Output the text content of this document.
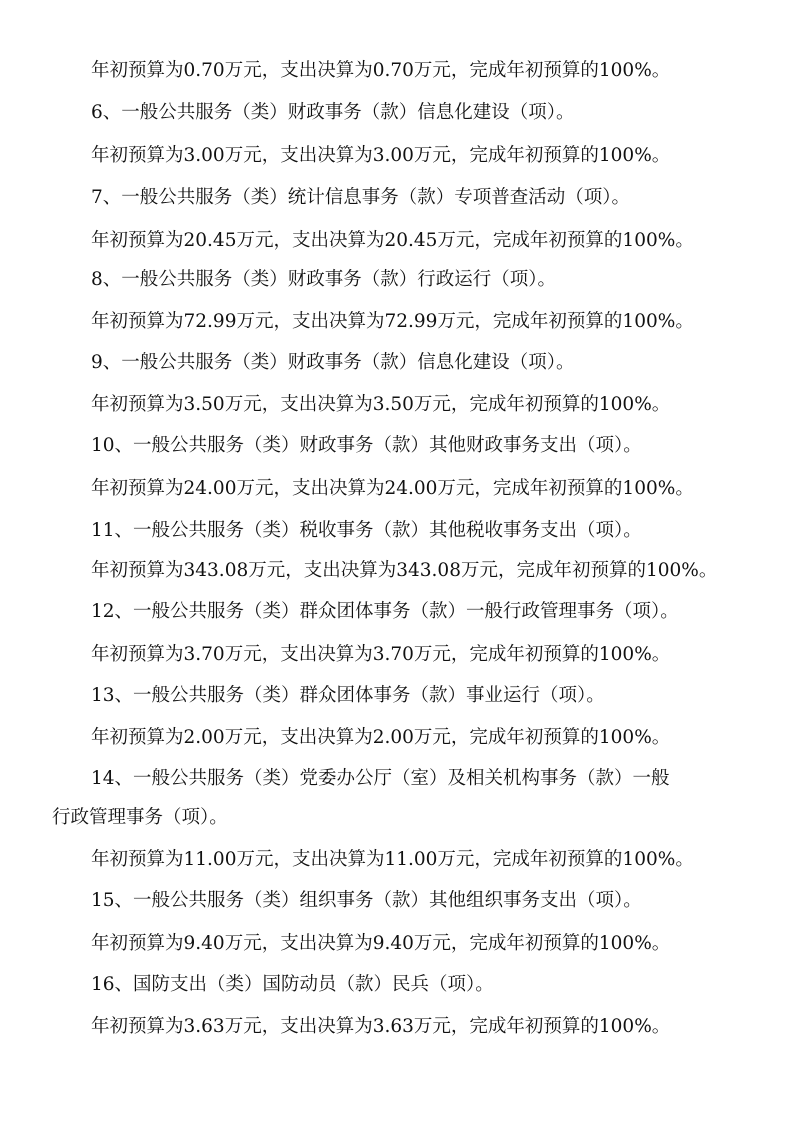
年初预算为0.70万元，支出决算为0.70万元，完成年初预算的100%。
6、一般公共服务（类）财政事务（款）信息化建设（项）。
年初预算为3.00万元，支出决算为3.00万元，完成年初预算的100%。
7、一般公共服务（类）统计信息事务（款）专项普查活动（项）。
年初预算为20.45万元，支出决算为20.45万元，完成年初预算的100%。
8、一般公共服务（类）财政事务（款）行政运行（项）。
年初预算为72.99万元，支出决算为72.99万元，完成年初预算的100%。
9、一般公共服务（类）财政事务（款）信息化建设（项）。
年初预算为3.50万元，支出决算为3.50万元，完成年初预算的100%。
10、一般公共服务（类）财政事务（款）其他财政事务支出（项）。
年初预算为24.00万元，支出决算为24.00万元，完成年初预算的100%。
11、一般公共服务（类）税收事务（款）其他税收事务支出（项）。
年初预算为343.08万元，支出决算为343.08万元，完成年初预算的100%。
12、一般公共服务（类）群众团体事务（款）一般行政管理事务（项）。
年初预算为3.70万元，支出决算为3.70万元，完成年初预算的100%。
13、一般公共服务（类）群众团体事务（款）事业运行（项）。
年初预算为2.00万元，支出决算为2.00万元，完成年初预算的100%。
14、一般公共服务（类）党委办公厅（室）及相关机构事务（款）一般
行政管理事务（项）。
年初预算为11.00万元，支出决算为11.00万元，完成年初预算的100%。
15、一般公共服务（类）组织事务（款）其他组织事务支出（项）。
年初预算为9.40万元，支出决算为9.40万元，完成年初预算的100%。
16、国防支出（类）国防动员（款）民兵（项）。
年初预算为3.63万元，支出决算为3.63万元，完成年初预算的100%。
